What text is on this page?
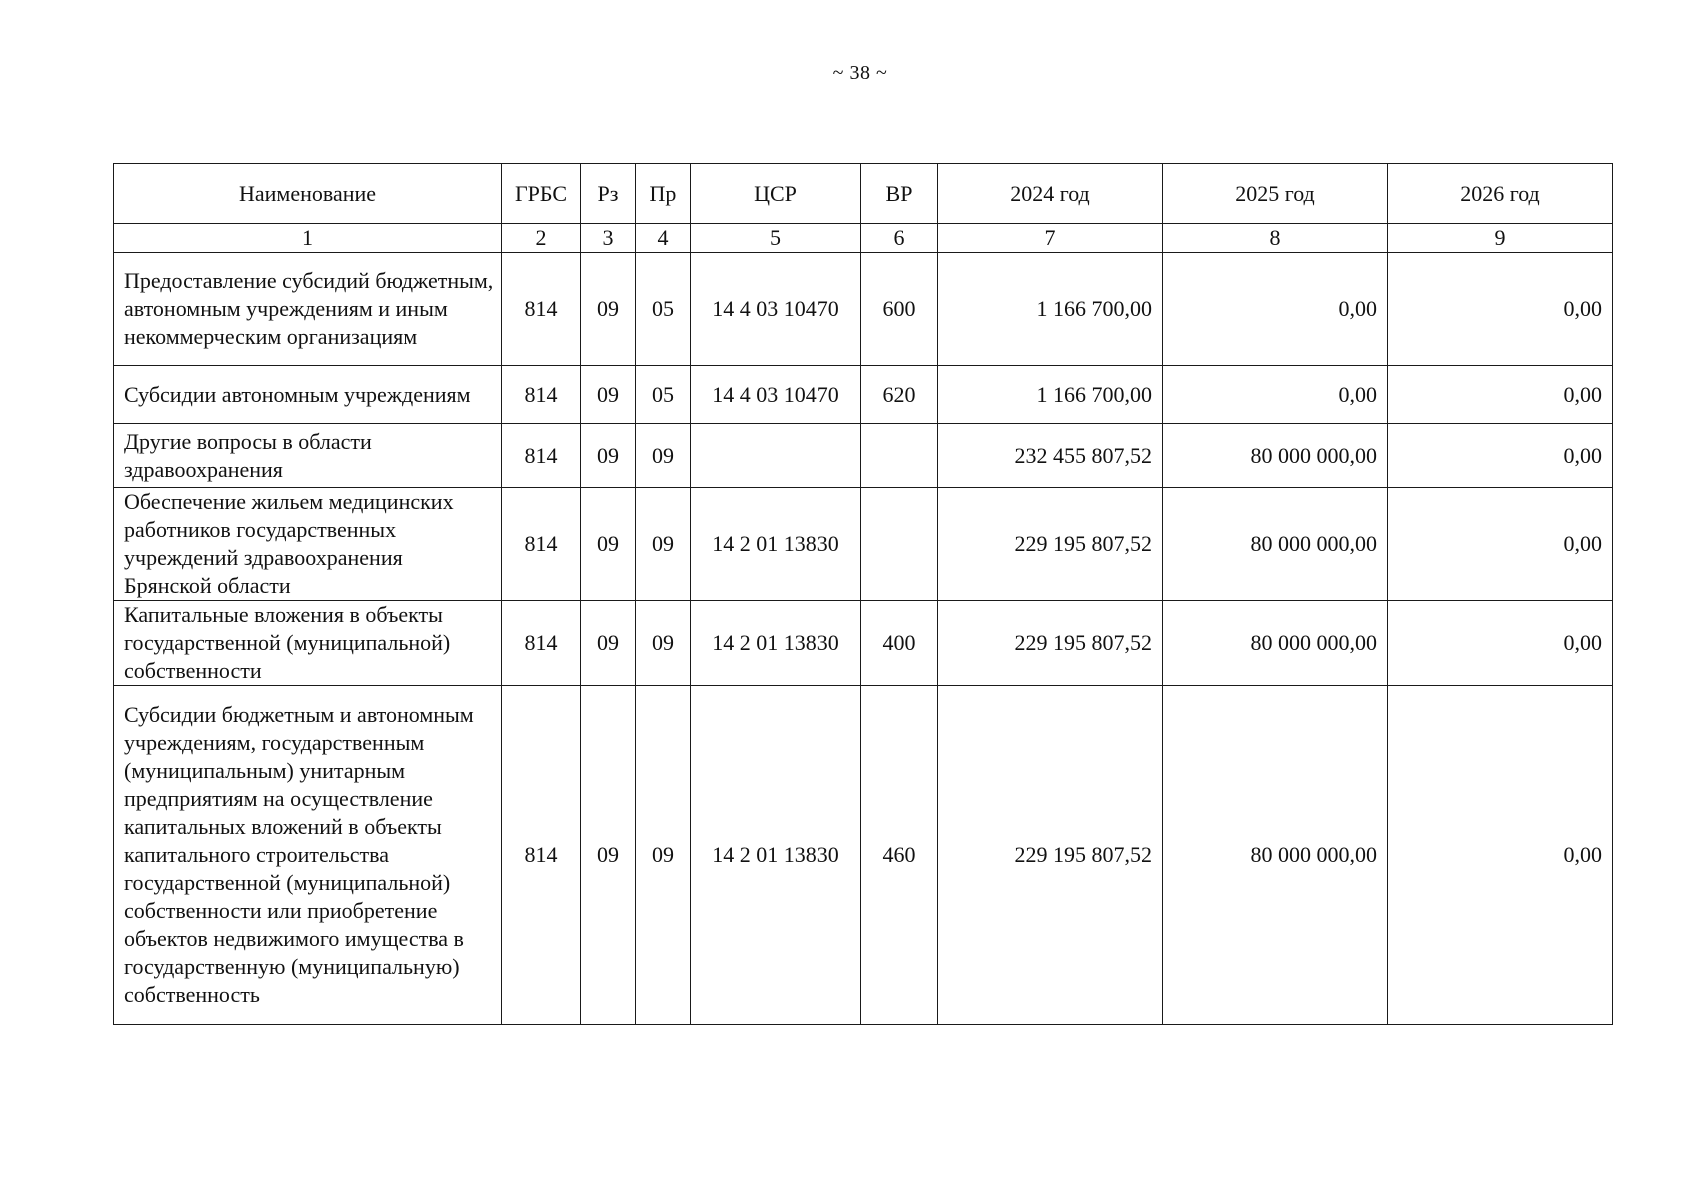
~ 38 ~
Наименование	ГРБС	Рз	Пр	ЦСР	ВР	2024 год	2025 год	2026 год
1	2	3	4	5	6	7	8	9
Предоставление субсидий бюджетным, автономным учреждениям и иным некоммерческим организациям	814	09	05	14 4 03 10470	600	1 166 700,00	0,00	0,00
Субсидии автономным учреждениям	814	09	05	14 4 03 10470	620	1 166 700,00	0,00	0,00
Другие вопросы в области здравоохранения	814	09	09			232 455 807,52	80 000 000,00	0,00
Обеспечение жильем медицинских работников государственных учреждений здравоохранения Брянской области	814	09	09	14 2 01 13830		229 195 807,52	80 000 000,00	0,00
Капитальные вложения в объекты государственной (муниципальной) собственности	814	09	09	14 2 01 13830	400	229 195 807,52	80 000 000,00	0,00
Субсидии бюджетным и автономным учреждениям, государственным (муниципальным) унитарным предприятиям на осуществление капитальных вложений в объекты капитального строительства государственной (муниципальной) собственности или приобретение объектов недвижимого имущества в государственную (муниципальную) собственность	814	09	09	14 2 01 13830	460	229 195 807,52	80 000 000,00	0,00
